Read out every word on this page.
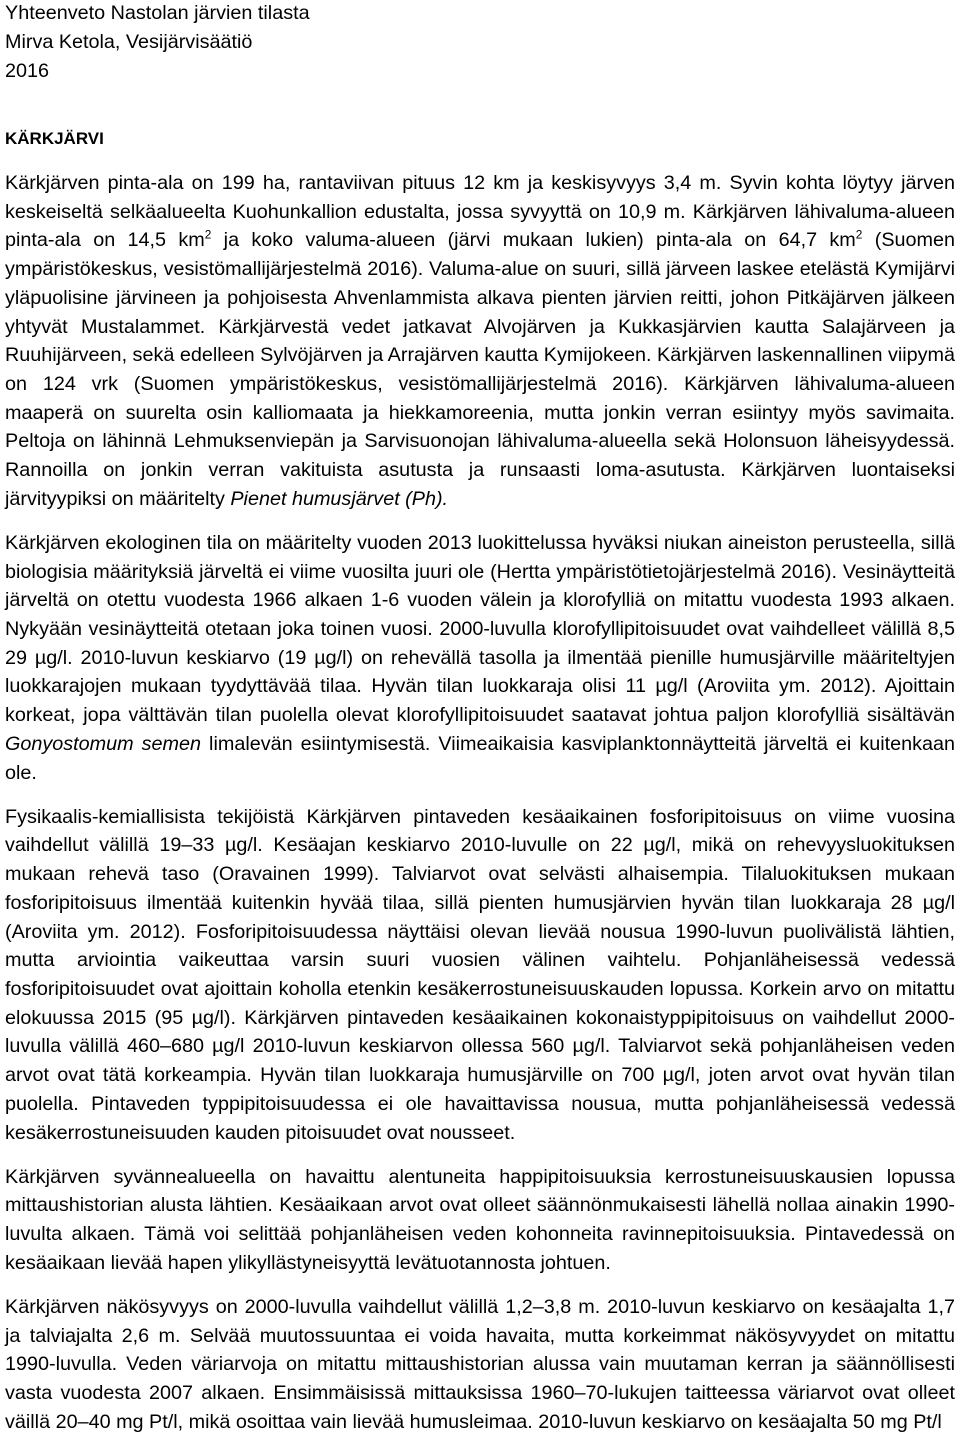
Yhteenveto Nastolan järvien tilasta
Mirva Ketola, Vesijärvisäätiö
2016
KÄRKJÄRVI

Kärkjärven pinta-ala on 199 ha, rantaviivan pituus 12 km ja keskisyvyys 3,4 m. Syvin kohta löytyy järven keskeiseltä selkäalueelta Kuohunkallion edustalta, jossa syvyyttä on 10,9 m. Kärkjärven lähivaluma-alueen pinta-ala on 14,5 $km^2$ ja koko valuma-alueen (järvi mukaan lukien) pinta-ala on 64,7 $km^2$ (Suomen ympäristökeskus, vesistömallijärjestelmä 2016). Valuma-alue on suuri, sillä järveen laskee etelästä Kymijärvi yläpuolisine järvineen ja pohjoisesta Ahvenlammista alkava pienten järvien reitti, johon Pitkäjärven jälkeen yhtyvät Mustalammet. Kärkjärvestä vedet jatkavat Alvojärven ja Kukkasjärvien kautta Salajärveen ja Ruuhijärveen, sekä edelleen Sylvöjärven ja Arrajärven kautta Kymijokeen. Kärkjärven laskennallinen viipymä on 124 vrk (Suomen ympäristökeskus, vesistömallijärjestelmä 2016). Kärkjärven lähivaluma-alueen maaperä on suurelta osin kalliomaata ja hiekkamoreenia, mutta jonkin verran esiintyy myös savimaita. Peltoja on lähinnä Lehmuksenviepän ja Sarvisuonojan lähivaluma-alueella sekä Holonsuon läheisyydessä. Rannoilla on jonkin verran vakituista asutusta ja runsaasti loma-asutusta. Kärkjärven luontaiseksi järvityypiksi on määritelty Pienet humusjärvet (Ph).

Kärkjärven ekologinen tila on määritelty vuoden 2013 luokittelussa hyväksi niukan aineiston perusteella, sillä biologisia määrityksiä järveltä ei viime vuosilta juuri ole (Hertta ympäristötietojärjestelmä 2016). Vesinäytteitä järveltä on otettu vuodesta 1966 alkaen 1-6 vuoden välein ja klorofylliä on mitattu vuodesta 1993 alkaen. Nykyään vesinäytteitä otetaan joka toinen vuosi. 2000-luvulla klorofyllipitoisuudet ovat vaihdelleet välillä 8,5 29 µg/l. 2010-luvun keskiarvo (19 µg/l) on rehevällä tasolla ja ilmentää pienille humusjärville määriteltyjen luokkarajojen mukaan tyydyttävää tilaa. Hyvän tilan luokkaraja olisi 11 µg/l (Aroviita ym. 2012). Ajoittain korkeat, jopa välttävän tilan puolella olevat klorofyllipitoisuudet saatavat johtua paljon klorofylliä sisältävän Gonyostomum semen limalevän esiintymisestä. Viimeaikaisia kasviplanktonnäytteitä järveltä ei kuitenkaan ole.

Fysikaalis-kemiallisista tekijöistä Kärkjärven pintaveden kesäaikainen fosforipitoisuus on viime vuosina vaihdellut välillä 19–33 µg/l. Kesäajan keskiarvo 2010-luvulle on 22 µg/l, mikä on rehevyysluokituksen mukaan rehevä taso (Oravainen 1999). Talviarvot ovat selvästi alhaisempia. Tilaluokituksen mukaan fosforipitoisuus ilmentää kuitenkin hyvää tilaa, sillä pienten humusjärvien hyvän tilan luokkaraja 28 µg/l (Aroviita ym. 2012). Fosforipitoisuudessa näyttäisi olevan lievää nousua 1990-luvun puolivälistä lähtien, mutta arviointia vaikeuttaa varsin suuri vuosien välinen vaihtelu. Pohjanläheisessä vedessä fosforipitoisuudet ovat ajoittain koholla etenkin kesäkerrostuneisuuskauden lopussa. Korkein arvo on mitattu elokuussa 2015 (95 µg/l). Kärkjärven pintaveden kesäaikainen kokonaistyppipitoisuus on vaihdellut 2000-luvulla välillä 460–680 µg/l 2010-luvun keskiarvon ollessa 560 µg/l. Talviarvot sekä pohjanläheisen veden arvot ovat tätä korkeampia. Hyvän tilan luokkaraja humusjärville on 700 µg/l, joten arvot ovat hyvän tilan puolella. Pintaveden typpipitoisuudessa ei ole havaittavissa nousua, mutta pohjanläheisessä vedessä kesäkerrostuneisuuden kauden pitoisuudet ovat nousseet.

Kärkjärven syvännealueella on havaittu alentuneita happipitoisuuksia kerrostuneisuuskausien lopussa mittaushistorian alusta lähtien. Kesäaikaan arvot ovat olleet säännönmukaisesti lähellä nollaa ainakin 1990-luvulta alkaen. Tämä voi selittää pohjanläheisen veden kohonneita ravinnepitoisuuksia. Pintavedessä on kesäaikaan lievää hapen ylikyllästyneisyyttä levätuotannosta johtuen.

Kärkjärven näkösyvyys on 2000-luvulla vaihdellut välillä 1,2–3,8 m. 2010-luvun keskiarvo on kesäajalta 1,7 ja talviajalta 2,6 m. Selvää muutossuuntaa ei voida havaita, mutta korkeimmat näkösyvyydet on mitattu 1990-luvulla. Veden väriarvoja on mitattu mittaushistorian alussa vain muutaman kerran ja säännöllisesti vasta vuodesta 2007 alkaen. Ensimmäisissä mittauksissa 1960–70-lukujen taitteessa väriarvot ovat olleet väillä 20–40 mg Pt/l, mikä osoittaa vain lievää humusleimaa. 2010-luvun keskiarvo on kesäajalta 50 mg Pt/l
